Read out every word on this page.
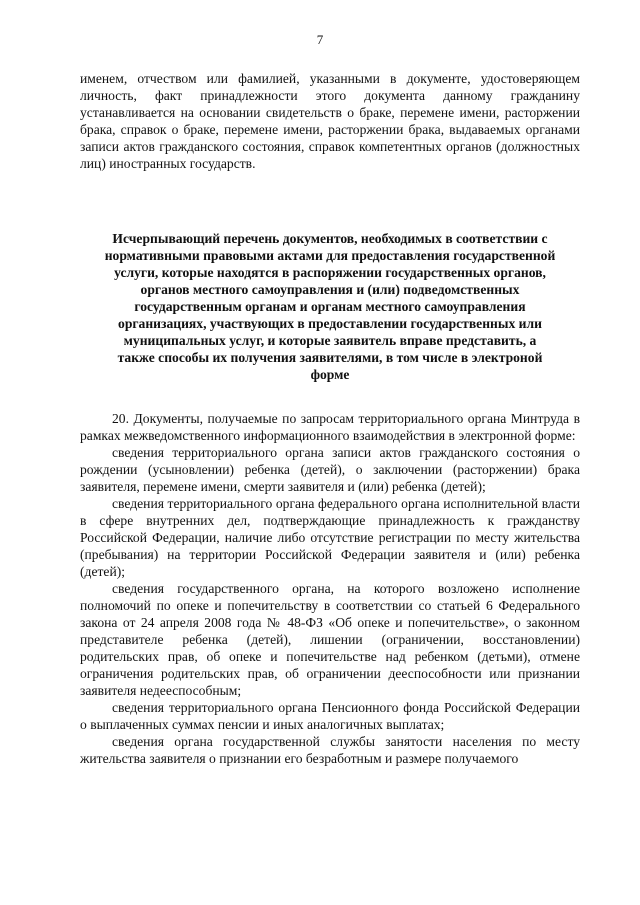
7

именем, отчеством или фамилией, указанными в документе, удостоверяющем личность, факт принадлежности этого документа данному гражданину устанавливается на основании свидетельств о браке, перемене имени, расторжении брака, справок о браке, перемене имени, расторжении брака, выдаваемых органами записи актов гражданского состояния, справок компетентных органов (должностных лиц) иностранных государств.

Исчерпывающий перечень документов, необходимых в соответствии с
нормативными правовыми актами для предоставления государственной
услуги, которые находятся в распоряжении государственных органов,
органов местного самоуправления и (или) подведомственных
государственным органам и органам местного самоуправления
организациях, участвующих в предоставлении государственных или
муниципальных услуг, и которые заявитель вправе представить, а
также способы их получения заявителями, в том числе в электроной
форме

20. Документы, получаемые по запросам территориального органа Минтруда в рамках межведомственного информационного взаимодействия в электронной форме:

сведения территориального органа записи актов гражданского состояния о рождении (усыновлении) ребенка (детей), о заключении (расторжении) брака заявителя, перемене имени, смерти заявителя и (или) ребенка (детей);

сведения территориального органа федерального органа исполнительной власти в сфере внутренних дел, подтверждающие принадлежность к гражданству Российской Федерации, наличие либо отсутствие регистрации по месту жительства (пребывания) на территории Российской Федерации заявителя и (или) ребенка (детей);

сведения государственного органа, на которого возложено исполнение полномочий по опеке и попечительству в соответствии со статьей 6 Федерального закона от 24 апреля 2008 года № 48-ФЗ «Об опеке и попечительстве», о законном представителе ребенка (детей), лишении (ограничении, восстановлении) родительских прав, об опеке и попечительстве над ребенком (детьми), отмене ограничения родительских прав, об ограничении дееспособности или признании заявителя недееспособным;

сведения территориального органа Пенсионного фонда Российской Федерации о выплаченных суммах пенсии и иных аналогичных выплатах;

сведения органа государственной службы занятости населения по месту жительства заявителя о признании его безработным и размере получаемого
